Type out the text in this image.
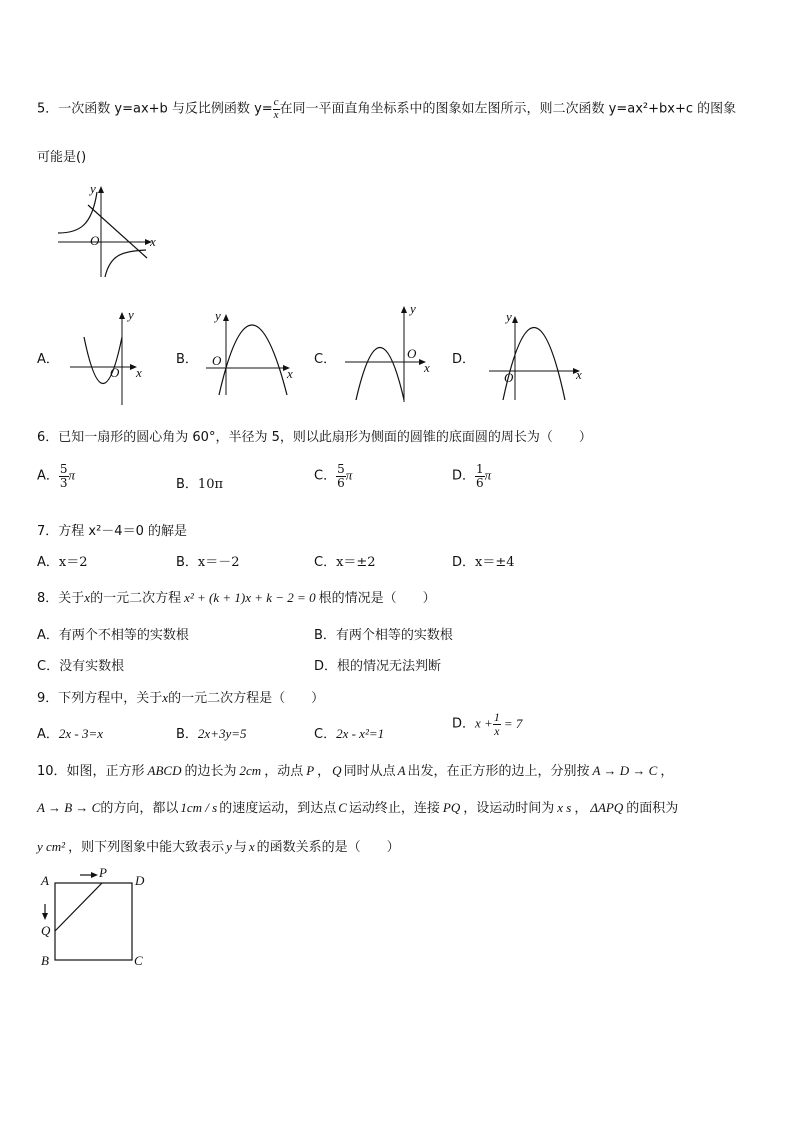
5．一次函数 y=ax+b 与反比例函数 $y= \frac{c}{x}$ 在同一平面直角坐标系中的图象如左图所示，则二次函数 y=ax²+bx+c 的图象
可能是()
y
x
O
A．	B．	C．	D．
y
x
O
y
x
O
y
x
O
y
x
O
6．已知一扇形的圆心角为 60°，半径为 5，则以此扇形为侧面的圆锥的底面圆的周长为（　　）
A． $\frac{5}{3}$ π
B．10π
C． $\frac{5}{6}$ π	D． $\frac{1}{6}$ π
7．方程 x²－4＝0 的解是
A．x＝2	B．x＝－2	C．x＝±2	D．x＝±4
8．关于x的一元二次方程 x² + (k + 1)x + k − 2 = 0 根的情况是（　　）
A．有两个不相等的实数根	B．有两个相等的实数根
C．没有实数根	D．根的情况无法判断
9．下列方程中，关于x的一元二次方程是（　　）
A．2x - 3=x	B．2x+3y=5	C．2x - x²=1
D．$x + \frac{1}{x} = 7$
10．如图，正方形 ABCD 的边长为 2cm ，动点 P ， Q 同时从点 A 出发，在正方形的边上，分别按 A → D → C ，
A → B → C的方向，都以 1cm / s 的速度运动，到达点 C 运动终止，连接 PQ ，设运动时间为 x s ， ΔAPQ 的面积为
y cm² ，则下列图象中能大致表示 y 与 x 的函数关系的是（　　）
A	D
B	C
P
Q
